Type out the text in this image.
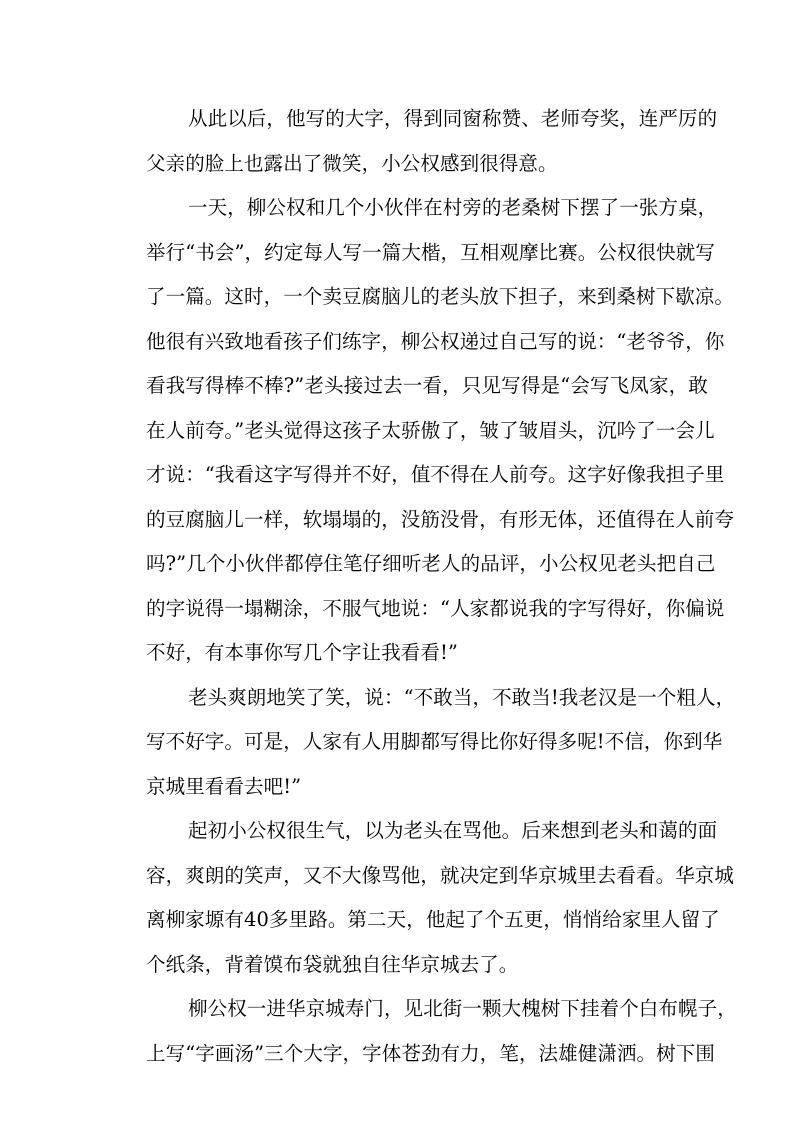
从此以后，他写的大字，得到同窗称赞、老师夸奖，连严厉的
父亲的脸上也露出了微笑，小公权感到很得意。
一天，柳公权和几个小伙伴在村旁的老桑树下摆了一张方桌，
举行“书会”，约定每人写一篇大楷，互相观摩比赛。公权很快就写
了一篇。这时，一个卖豆腐脑儿的老头放下担子，来到桑树下歇凉。
他很有兴致地看孩子们练字，柳公权递过自己写的说：“老爷爷，你
看我写得棒不棒?”老头接过去一看，只见写得是“会写飞凤家，敢
在人前夸。”老头觉得这孩子太骄傲了，皱了皱眉头，沉吟了一会儿
才说：“我看这字写得并不好，值不得在人前夸。这字好像我担子里
的豆腐脑儿一样，软塌塌的，没筋没骨，有形无体，还值得在人前夸
吗?”几个小伙伴都停住笔仔细听老人的品评，小公权见老头把自己
的字说得一塌糊涂，不服气地说：“人家都说我的字写得好，你偏说
不好，有本事你写几个字让我看看!”
老头爽朗地笑了笑，说：“不敢当，不敢当!我老汉是一个粗人，
写不好字。可是，人家有人用脚都写得比你好得多呢!不信，你到华
京城里看看去吧!”
起初小公权很生气，以为老头在骂他。后来想到老头和蔼的面
容，爽朗的笑声，又不大像骂他，就决定到华京城里去看看。华京城
离柳家塬有40多里路。第二天，他起了个五更，悄悄给家里人留了
个纸条，背着馍布袋就独自往华京城去了。
柳公权一进华京城寿门，见北街一颗大槐树下挂着个白布幌子，
上写“字画汤”三个大字，字体苍劲有力，笔，法雄健潇洒。树下围
